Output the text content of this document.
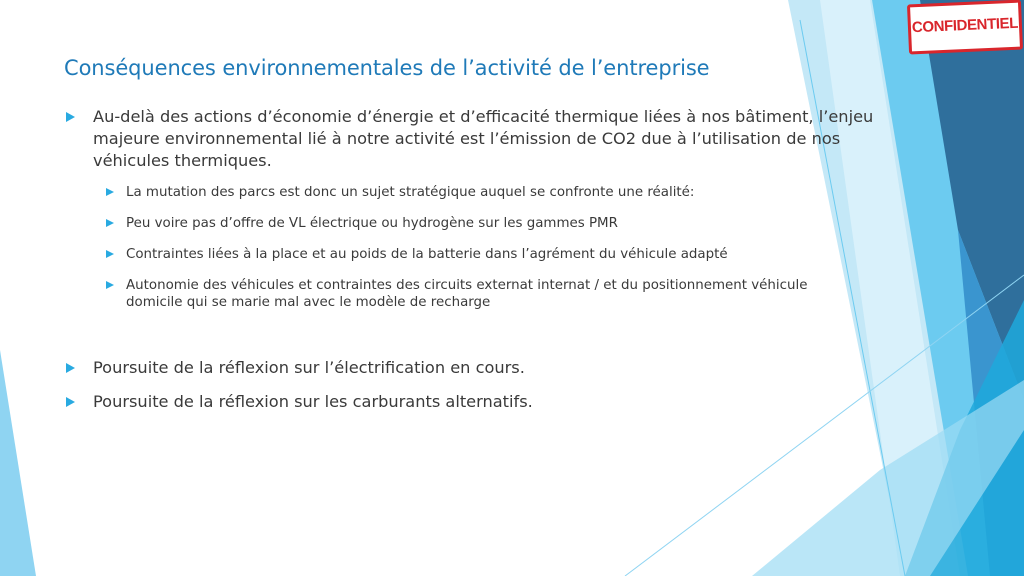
Conséquences environnementales de l’activité de l’entreprise
CONFIDENTIEL
Au-delà des actions d’économie d’énergie et d’efficacité thermique liées à nos bâtiment, l’enjeu majeure environnemental lié à notre activité est l’émission de CO2 due à l’utilisation de nos véhicules thermiques.
La mutation des parcs est donc un sujet stratégique auquel se confronte une réalité:
Peu voire pas d’offre de VL électrique ou hydrogène sur les gammes PMR
Contraintes liées à la place et au poids de la batterie dans l’agrément du véhicule adapté
Autonomie des véhicules et contraintes des circuits externat internat / et du positionnement véhicule domicile qui se marie mal avec le modèle de recharge
Poursuite de la réflexion sur l’électrification en cours.
Poursuite de la réflexion sur les carburants alternatifs.
